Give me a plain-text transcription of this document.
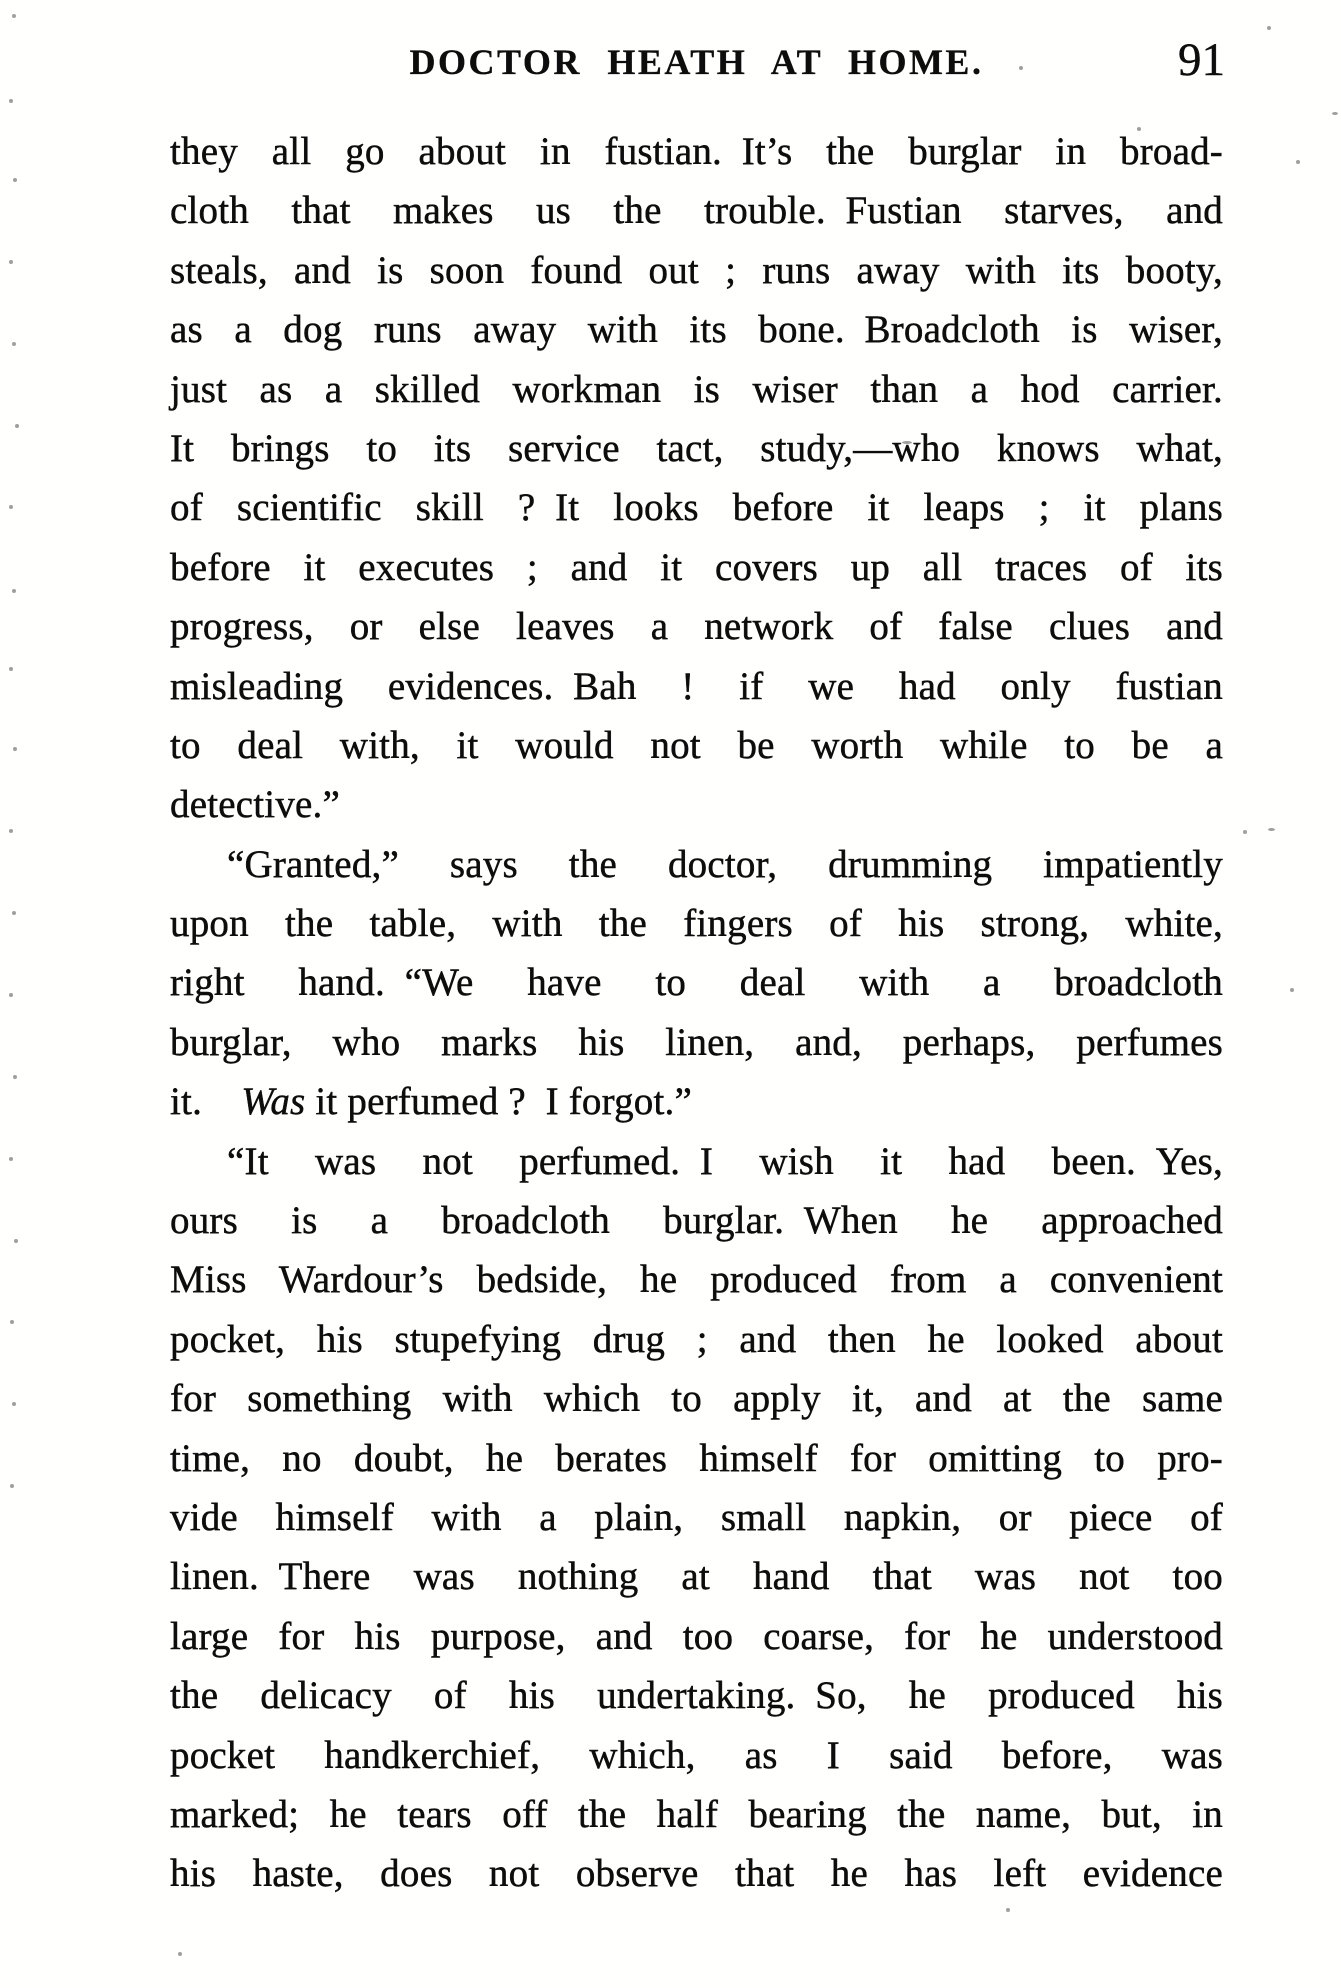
DOCTOR HEATH AT HOME.	91
they all go about in fustian. It’s the burglar in broad-
cloth that makes us the trouble. Fustian starves, and
steals, and is soon found out ; runs away with its booty,
as a dog runs away with its bone. Broadcloth is wiser,
just as a skilled workman is wiser than a hod carrier.
It brings to its service tact, study,—who knows what,
of scientific skill ? It looks before it leaps ; it plans
before it executes ; and it covers up all traces of its
progress, or else leaves a network of false clues and
misleading evidences. Bah ! if we had only fustian
to deal with, it would not be worth while to be a
detective.”
“Granted,” says the doctor, drumming impatiently
upon the table, with the fingers of his strong, white,
right hand. “We have to deal with a broadcloth
burglar, who marks his linen, and, perhaps, perfumes
it. Was it perfumed ? I forgot.”
“It was not perfumed. I wish it had been. Yes,
ours is a broadcloth burglar. When he approached
Miss Wardour’s bedside, he produced from a convenient
pocket, his stupefying drug ; and then he looked about
for something with which to apply it, and at the same
time, no doubt, he berates himself for omitting to pro-
vide himself with a plain, small napkin, or piece of
linen. There was nothing at hand that was not too
large for his purpose, and too coarse, for he understood
the delicacy of his undertaking. So, he produced his
pocket handkerchief, which, as I said before, was
marked; he tears off the half bearing the name, but, in
his haste, does not observe that he has left evidence
